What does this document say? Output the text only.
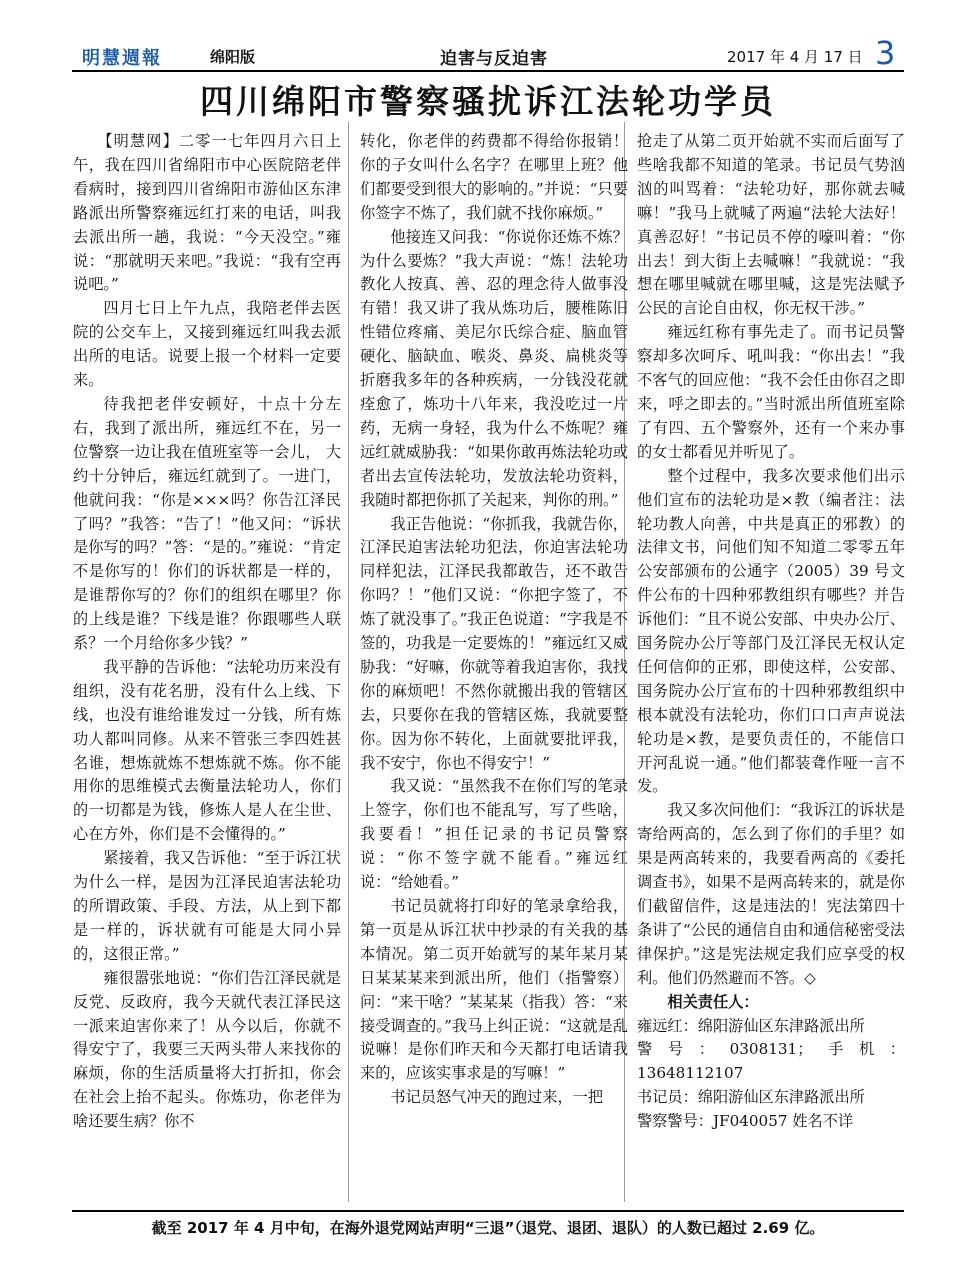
明慧週報	绵阳版	迫害与反迫害	2017 年 4 月 17 日 3
四川绵阳市警察骚扰诉江法轮功学员

【明慧网】二零一七年四月六日上午，我在四川省绵阳市中心医院陪老伴看病时，接到四川省绵阳市游仙区东津路派出所警察雍远红打来的电话，叫我去派出所一趟，我说：“今天没空。”雍说：“那就明天来吧。”我说：“我有空再说吧。”

四月七日上午九点，我陪老伴去医院的公交车上，又接到雍远红叫我去派出所的电话。说要上报一个材料一定要来。

待我把老伴安顿好，十点十分左右，我到了派出所，雍远红不在，另一位警察一边让我在值班室等一会儿， 大约十分钟后，雍远红就到了。一进门，他就问我：“你是×××吗？你告江泽民了吗？”我答：“告了！”他又问：“诉状是你写的吗？”答：“是的。”雍说：“肯定不是你写的！你们的诉状都是一样的，是谁帮你写的？你们的组织在哪里？你的上线是谁？下线是谁？你跟哪些人联系？一个月给你多少钱？”

我平静的告诉他：“法轮功历来没有组织，没有花名册，没有什么上线、下线，也没有谁给谁发过一分钱，所有炼功人都叫同修。从来不管张三李四姓甚名谁，想炼就炼不想炼就不炼。你不能用你的思维模式去衡量法轮功人，你们的一切都是为钱，修炼人是人在尘世、心在方外，你们是不会懂得的。”

紧接着，我又告诉他：“至于诉江状为什么一样，是因为江泽民迫害法轮功的所谓政策、手段、方法，从上到下都是一样的，诉状就有可能是大同小异的，这很正常。”

雍很嚣张地说：“你们告江泽民就是反党、反政府，我今天就代表江泽民这一派来迫害你来了！从今以后，你就不得安宁了，我要三天两头带人来找你的麻烦，你的生活质量将大打折扣，你会在社会上抬不起头。你炼功，你老伴为啥还要生病？你不

转化，你老伴的药费都不得给你报销！你的子女叫什么名字？在哪里上班？他们都要受到很大的影响的。”并说：“只要你签字不炼了，我们就不找你麻烦。”

他接连又问我：“你说你还炼不炼？为什么要炼？”我大声说：“炼！法轮功教化人按真、善、忍的理念待人做事没有错！我又讲了我从炼功后，腰椎陈旧性错位疼痛、美尼尔氏综合症、脑血管硬化、脑缺血、喉炎、鼻炎、扁桃炎等折磨我多年的各种疾病，一分钱没花就痊愈了，炼功十八年来，我没吃过一片药，无病一身轻，我为什么不炼呢？雍远红就威胁我：“如果你敢再炼法轮功或者出去宣传法轮功，发放法轮功资料，我随时都把你抓了关起来，判你的刑。”

我正告他说：“你抓我，我就告你，江泽民迫害法轮功犯法，你迫害法轮功同样犯法，江泽民我都敢告，还不敢告你吗？！”他们又说：“你把字签了，不炼了就没事了。”我正色说道：“字我是不签的，功我是一定要炼的！”雍远红又威胁我：“好嘛，你就等着我迫害你，我找你的麻烦吧！不然你就搬出我的管辖区去，只要你在我的管辖区炼，我就要整你。因为你不转化，上面就要批评我，我不安宁，你也不得安宁！”

我又说：“虽然我不在你们写的笔录上签字，你们也不能乱写，写了些啥，我要看！”担任记录的书记员警察说：“你不签字就不能看。”雍远红说：“给她看。”

书记员就将打印好的笔录拿给我，第一页是从诉江状中抄录的有关我的基本情况。第二页开始就写的某年某月某日某某某来到派出所，他们（指警察）问：“来干啥？”某某某（指我）答：“来接受调查的。”我马上纠正说：“这就是乱说嘛！是你们昨天和今天都打电话请我来的，应该实事求是的写嘛！”

书记员怒气冲天的跑过来，一把

抢走了从第二页开始就不实而后面写了些啥我都不知道的笔录。书记员气势汹汹的叫骂着：“法轮功好，那你就去喊嘛！”我马上就喊了两遍“法轮大法好！真善忍好！”书记员不停的嚎叫着：“你出去！到大街上去喊嘛！”我就说：“我想在哪里喊就在哪里喊，这是宪法赋予公民的言论自由权，你无权干涉。”

雍远红称有事先走了。而书记员警察却多次呵斥、吼叫我：“你出去！”我不客气的回应他：“我不会任由你召之即来，呼之即去的。”当时派出所值班室除了有四、五个警察外，还有一个来办事的女士都看见并听见了。

整个过程中，我多次要求他们出示他们宣布的法轮功是×教（编者注：法轮功教人向善，中共是真正的邪教）的法律文书，问他们知不知道二零零五年公安部颁布的公通字（2005）39 号文件公布的十四种邪教组织有哪些？并告诉他们：“且不说公安部、中央办公厅、国务院办公厅等部门及江泽民无权认定任何信仰的正邪，即使这样，公安部、国务院办公厅宣布的十四种邪教组织中根本就没有法轮功，你们口口声声说法轮功是×教，是要负责任的，不能信口开河乱说一通。”他们都装聋作哑一言不发。

我又多次问他们：“我诉江的诉状是寄给两高的，怎么到了你们的手里？如果是两高转来的，我要看两高的《委托调查书》，如果不是两高转来的，就是你们截留信件，这是违法的！宪法第四十条讲了“公民的通信自由和通信秘密受法律保护。”这是宪法规定我们应享受的权利。他们仍然避而不答。◇

相关责任人：

雍远红：绵阳游仙区东津路派出所

警号：0308131；手机：13648112107

书记员：绵阳游仙区东津路派出所

警察警号：JF040057 姓名不详

截至 2017 年 4 月中旬，在海外退党网站声明“三退”（退党、退团、退队）的人数已超过 2.69 亿。
